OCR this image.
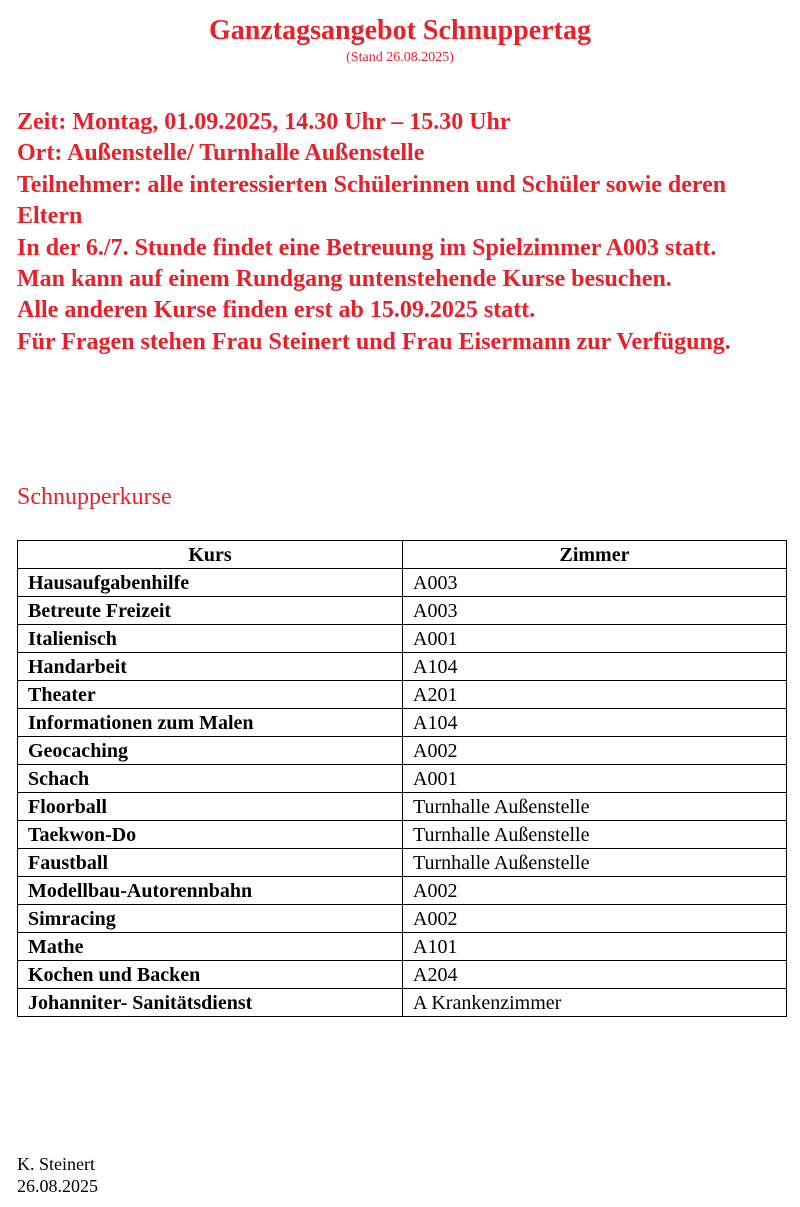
Ganztagsangebot Schnuppertag
(Stand 26.08.2025)
Zeit: Montag, 01.09.2025, 14.30 Uhr – 15.30 Uhr
Ort: Außenstelle/ Turnhalle Außenstelle
Teilnehmer: alle interessierten Schülerinnen und Schüler sowie deren Eltern
In der 6./7. Stunde findet eine Betreuung im Spielzimmer A003 statt.
Man kann auf einem Rundgang untenstehende Kurse besuchen.
Alle anderen Kurse finden erst ab 15.09.2025 statt.
Für Fragen stehen Frau Steinert und Frau Eisermann zur Verfügung.
Schnupperkurse
Kurs	Zimmer
Hausaufgabenhilfe	A003
Betreute Freizeit	A003
Italienisch	A001
Handarbeit	A104
Theater	A201
Informationen zum Malen	A104
Geocaching	A002
Schach	A001
Floorball	Turnhalle Außenstelle
Taekwon-Do	Turnhalle Außenstelle
Faustball	Turnhalle Außenstelle
Modellbau-Autorennbahn	A002
Simracing	A002
Mathe	A101
Kochen und Backen	A204
Johanniter- Sanitätsdienst	A Krankenzimmer
K. Steinert
26.08.2025
